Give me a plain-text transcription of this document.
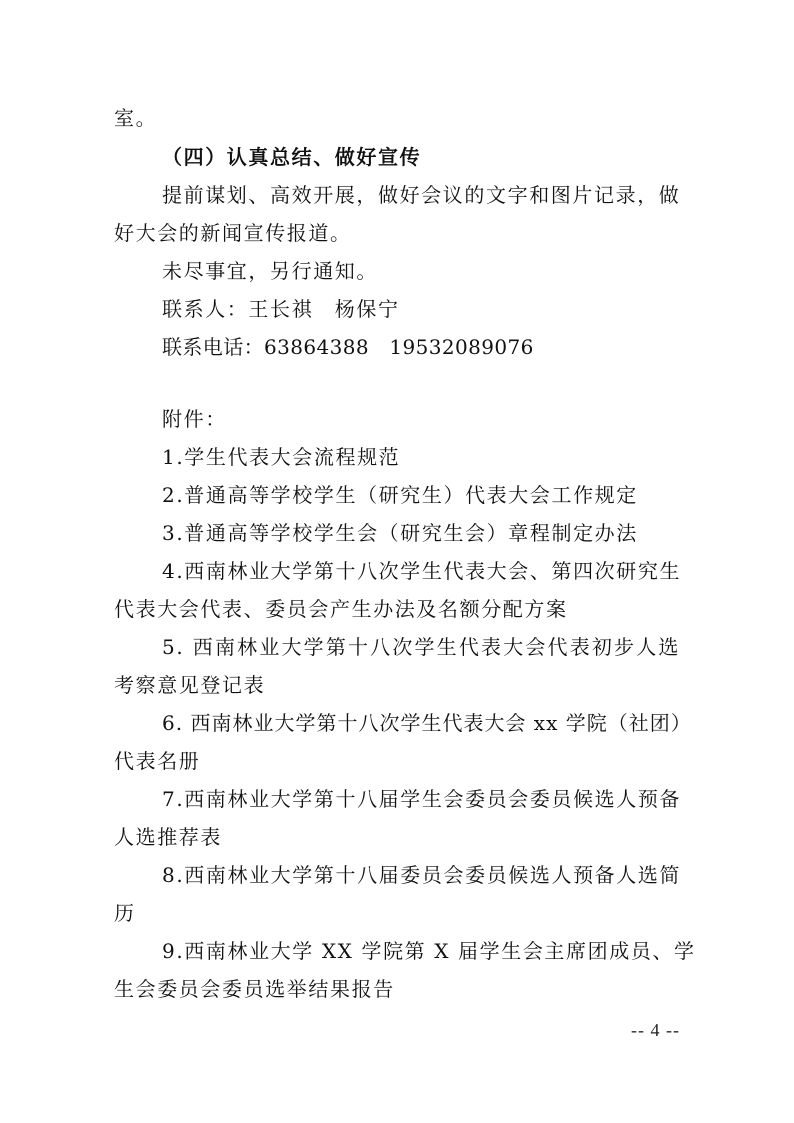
室。
（四）认真总结、做好宣传
提前谋划、高效开展，做好会议的文字和图片记录，做
好大会的新闻宣传报道。
未尽事宜，另行通知。
联系人：王长祺　杨保宁
联系电话：63864388　19532089076
附件：
1.学生代表大会流程规范
2.普通高等学校学生（研究生）代表大会工作规定
3.普通高等学校学生会（研究生会）章程制定办法
4.西南林业大学第十八次学生代表大会、第四次研究生
代表大会代表、委员会产生办法及名额分配方案
5. 西南林业大学第十八次学生代表大会代表初步人选
考察意见登记表
6. 西南林业大学第十八次学生代表大会 xx 学院（社团）
代表名册
7.西南林业大学第十八届学生会委员会委员候选人预备
人选推荐表
8.西南林业大学第十八届委员会委员候选人预备人选简
历
9.西南林业大学 XX 学院第 X 届学生会主席团成员、学
生会委员会委员选举结果报告
-- 4 --
